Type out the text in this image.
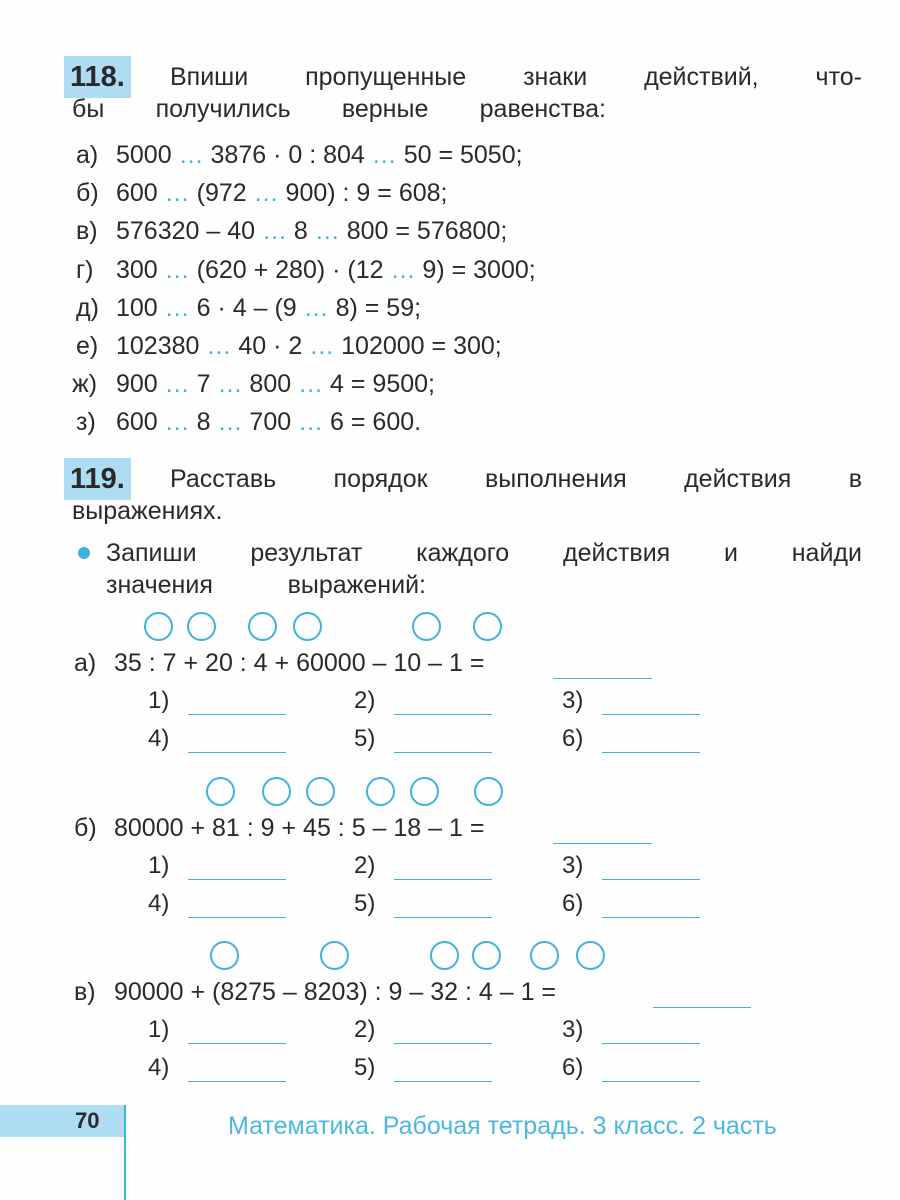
118. Впиши пропущенные знаки действий, что-
бы получились верные равенства:
а) 5000 … 3876 · 0 : 804 … 50 = 5050;
б) 600 … (972 … 900) : 9 = 608;
в) 576320 – 40 … 8 … 800 = 576800;
г) 300 … (620 + 280) · (12 … 9) = 3000;
д) 100 … 6 · 4 – (9 … 8) = 59;
е) 102380 … 40 · 2 … 102000 = 300;
ж) 900 … 7 … 800 … 4 = 9500;
з) 600 … 8 … 700 … 6 = 600.
119. Расставь порядок выполнения действия в
выражениях.
Запиши результат каждого действия и найди
значения	выражений:
а) 35 : 7 + 20 : 4 + 60000 – 10 – 1 =
1)	2)	3)
4)	5)	6)
б) 80000 + 81 : 9 + 45 : 5 – 18 – 1 =
1)	2)	3)
4)	5)	6)
в) 90000 + (8275 – 8203) : 9 – 32 : 4 – 1 =
1)	2)	3)
4)	5)	6)
70	Математика. Рабочая тетрадь. 3 класс. 2 часть
